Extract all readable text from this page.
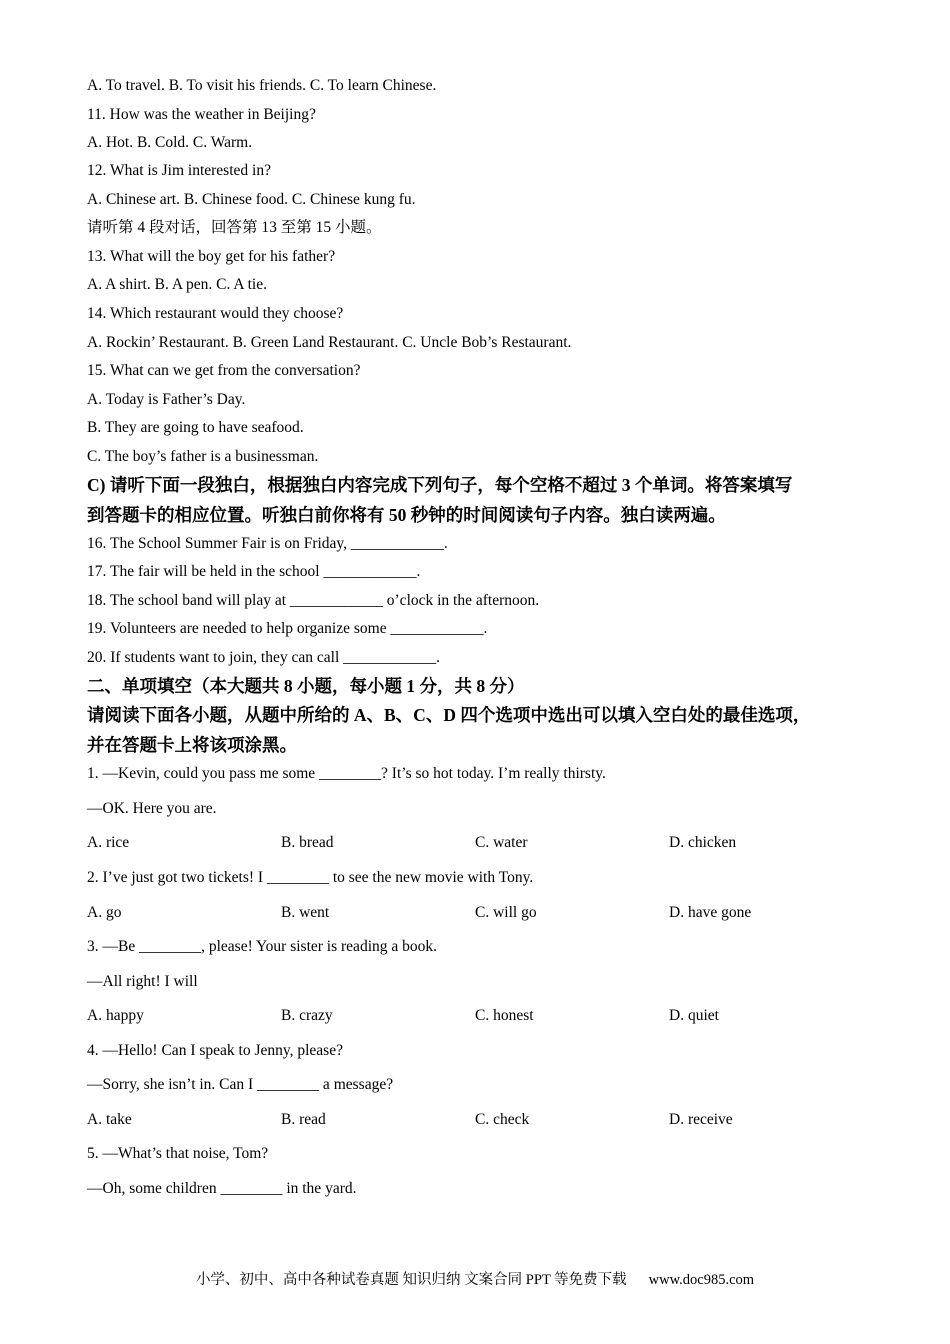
A. To travel. B. To visit his friends. C. To learn Chinese.
11. How was the weather in Beijing?
A. Hot. B. Cold. C. Warm.
12. What is Jim interested in?
A. Chinese art. B. Chinese food. C. Chinese kung fu.
请听第 4 段对话，回答第 13 至第 15 小题。
13. What will the boy get for his father?
A. A shirt. B. A pen. C. A tie.
14. Which restaurant would they choose?
A. Rockin’ Restaurant. B. Green Land Restaurant. C. Uncle Bob’s Restaurant.
15. What can we get from the conversation?
A. Today is Father’s Day.
B. They are going to have seafood.
C. The boy’s father is a businessman.
C) 请听下面一段独白，根据独白内容完成下列句子，每个空格不超过 3 个单词。将答案填写
到答题卡的相应位置。听独白前你将有 50 秒钟的时间阅读句子内容。独白读两遍。
16. The School Summer Fair is on Friday, ____________.
17. The fair will be held in the school ____________.
18. The school band will play at ____________ o’clock in the afternoon.
19. Volunteers are needed to help organize some ____________.
20. If students want to join, they can call ____________.
二、单项填空（本大题共 8 小题，每小题 1 分，共 8 分）
请阅读下面各小题，从题中所给的 A、B、C、D 四个选项中选出可以填入空白处的最佳选项，
并在答题卡上将该项涂黑。
1. —Kevin, could you pass me some ________? It’s so hot today. I’m really thirsty.
—OK. Here you are.
A. rice	B. bread	C. water	D. chicken
2. I’ve just got two tickets! I ________ to see the new movie with Tony.
A. go	B. went	C. will go	D. have gone
3. —Be ________, please! Your sister is reading a book.
—All right! I will
A. happy	B. crazy	C. honest	D. quiet
4. —Hello! Can I speak to Jenny, please?
—Sorry, she isn’t in. Can I ________ a message?
A. take	B. read	C. check	D. receive
5. —What’s that noise, Tom?
—Oh, some children ________ in the yard.
小学、初中、高中各种试卷真题 知识归纳 文案合同 PPT 等免费下载 www.doc985.com
